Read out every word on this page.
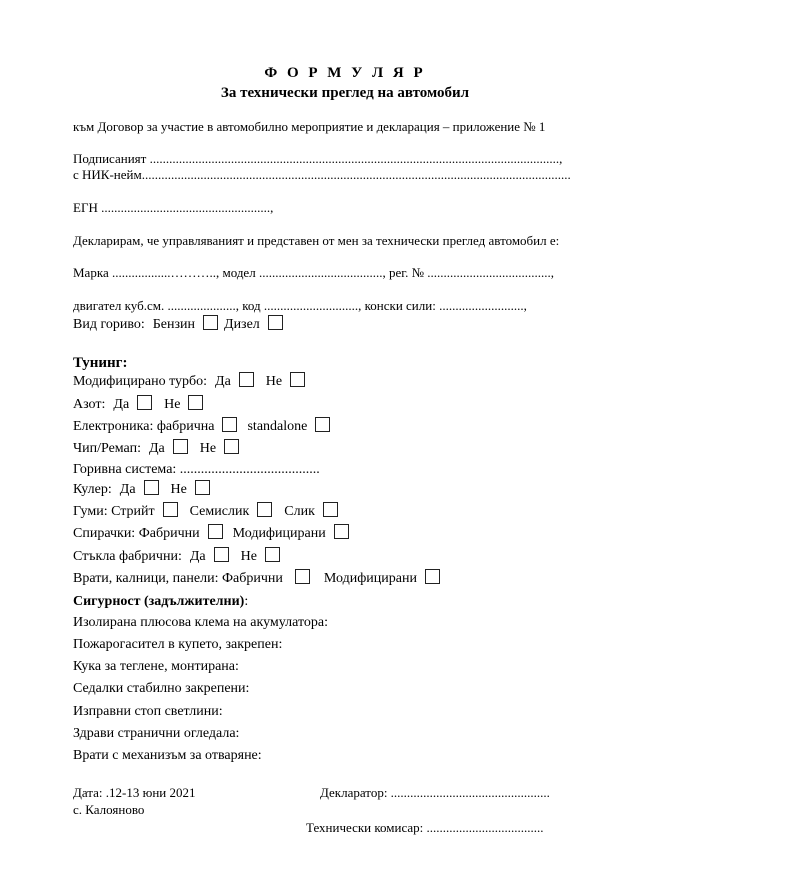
Ф О Р М У Л Я Р
За технически преглед на автомобил
към Договор за участие в автомобилно мероприятие и декларация – приложение № 1
Подписаният ..............................................................................................................................,
с НИК-нейм....................................................................................................................................
ЕГН ....................................................,
Декларирам, че управляваният и представен от мен за технически преглед автомобил е:
Марка ..................……….., модел ......................................, рег. № ......................................,
двигател куб.см. ....................., код ............................., конски сили: ..........................,
Вид гориво: Бензин Дизел
Тунинг:
Модифицирано турбо: Да	Не
Азот: Да	Не
Електроника: фабрична standalone
Чип/Ремап: Да	Не
Горивна система: ........................................
Кулер: Да	Не
Гуми: Стрийт	Семислик	Слик
Спирачки: Фабрични Модифицирани
Стъкла фабрични: Да	Не
Врати, калници, панели: Фабрични	Модифицирани
Сигурност (задължителни):
Изолирана плюсова клема на акумулатора:
Пожарогасител в купето, закрепен:
Кука за теглене, монтирана:
Седалки стабилно закрепени:
Изправни стоп светлини:
Здрави странични огледала:
Врати с механизъм за отваряне:
Дата: .12-13 юни 2021
с. Калояново
Декларатор: .................................................
Технически комисар: ....................................
